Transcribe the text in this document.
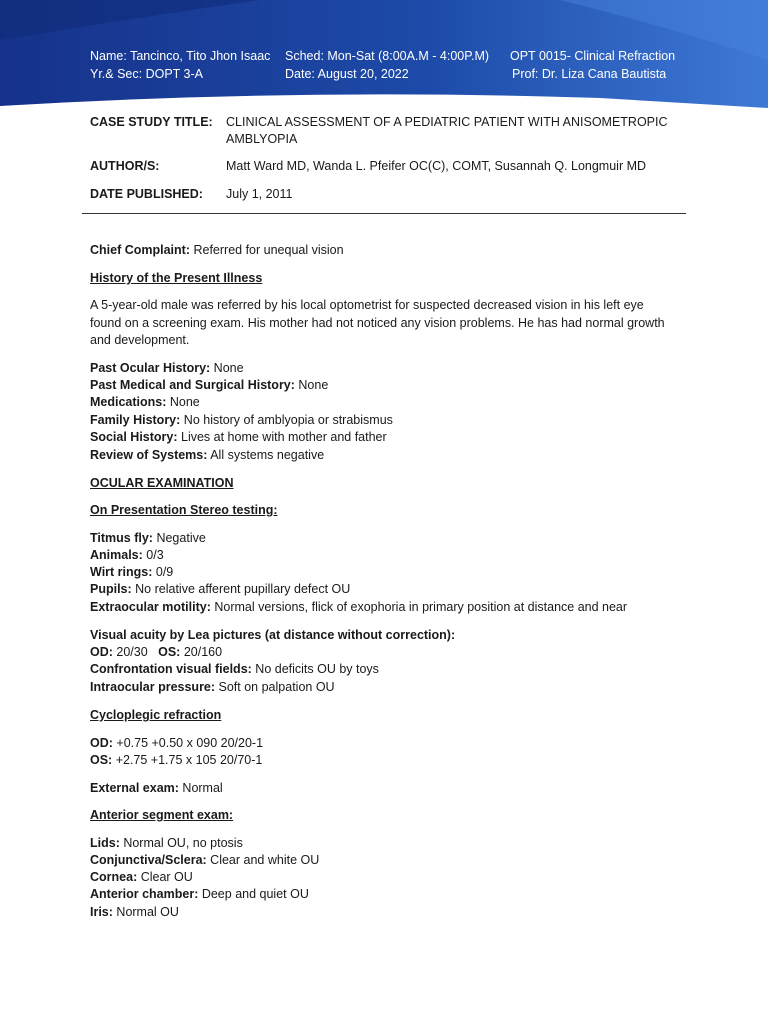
Name: Tancinco, Tito Jhon Isaac
Yr.& Sec: DOPT 3-A
Sched: Mon-Sat (8:00A.M - 4:00P.M)
Date: August 20, 2022
OPT 0015- Clinical Refraction
Prof: Dr. Liza Cana Bautista
CASE STUDY TITLE: CLINICAL ASSESSMENT OF A PEDIATRIC PATIENT WITH ANISOMETROPIC
AMBLYOPIA
AUTHOR/S:	Matt Ward MD, Wanda L. Pfeifer OC(C), COMT, Susannah Q. Longmuir MD
DATE PUBLISHED: July 1, 2011
Chief Complaint: Referred for unequal vision
History of the Present Illness
A 5-year-old male was referred by his local optometrist for suspected decreased vision in his left eye
found on a screening exam. His mother had not noticed any vision problems. He has had normal growth
and development.
Past Ocular History: None
Past Medical and Surgical History: None
Medications: None
Family History: No history of amblyopia or strabismus
Social History: Lives at home with mother and father
Review of Systems: All systems negative
OCULAR EXAMINATION
On Presentation Stereo testing:
Titmus fly: Negative
Animals: 0/3
Wirt rings: 0/9
Pupils: No relative afferent pupillary defect OU
Extraocular motility: Normal versions, flick of exophoria in primary position at distance and near
Visual acuity by Lea pictures (at distance without correction):
OD: 20/30   OS: 20/160
Confrontation visual fields: No deficits OU by toys
Intraocular pressure: Soft on palpation OU
Cycloplegic refraction
OD: +0.75 +0.50 x 090 20/20-1
OS: +2.75 +1.75 x 105 20/70-1
External exam: Normal
Anterior segment exam:
Lids: Normal OU, no ptosis
Conjunctiva/Sclera: Clear and white OU
Cornea: Clear OU
Anterior chamber: Deep and quiet OU
Iris: Normal OU
